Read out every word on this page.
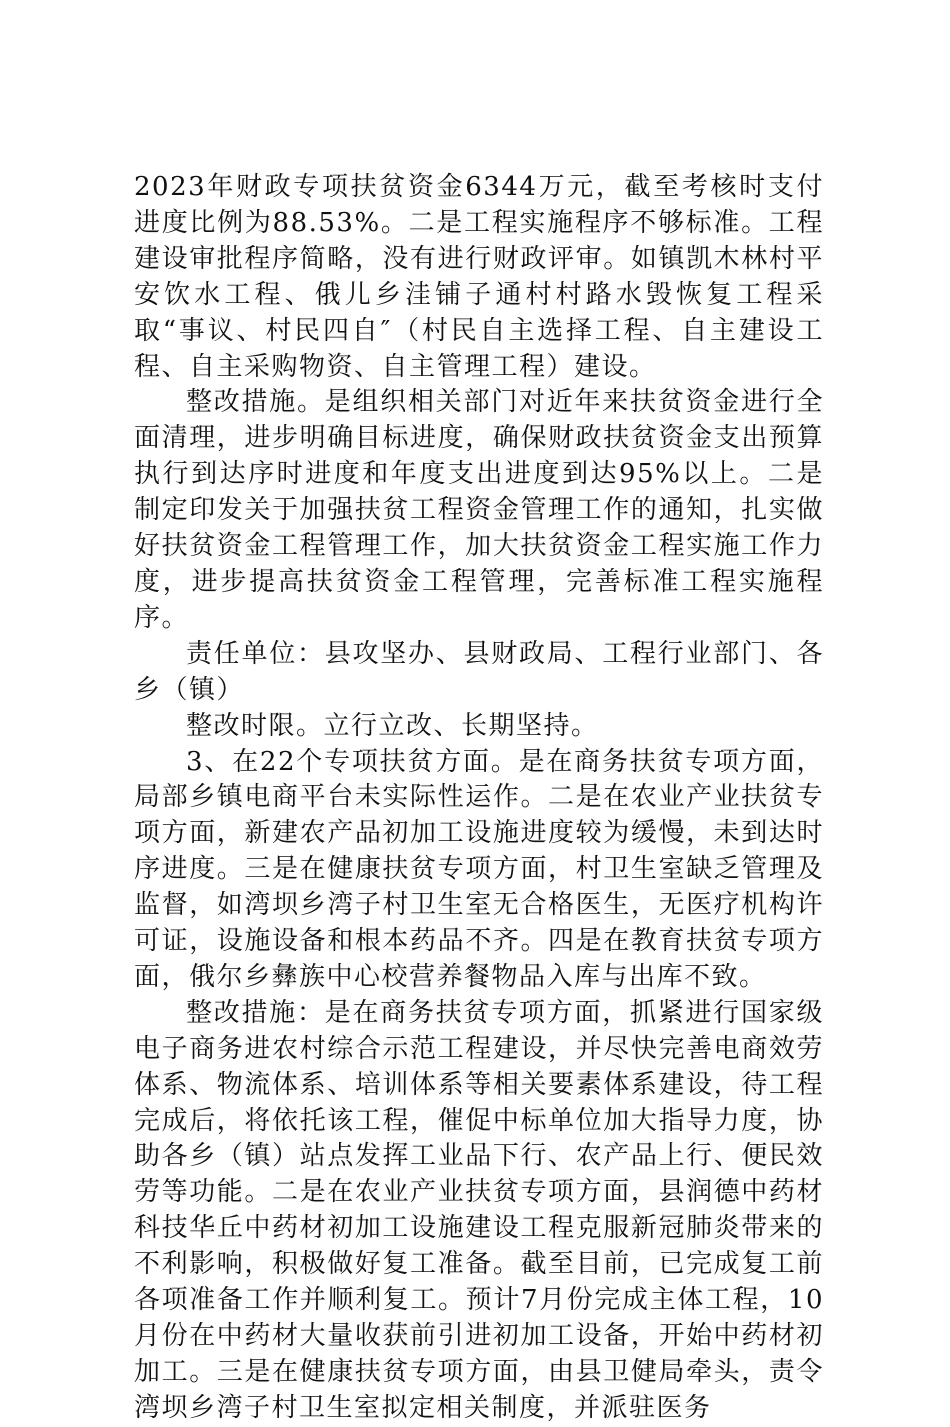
2023年财政专项扶贫资金6344万元，截至考核时支付进度比例为88.53%。二是工程实施程序不够标准。工程建设审批程序简略，没有进行财政评审。如镇凯木林村平安饮水工程、俄儿乡洼铺子通村村路水毁恢复工程采取“事议、村民四自″（村民自主选择工程、自主建设工程、自主采购物资、自主管理工程）建设。

整改措施。是组织相关部门对近年来扶贫资金进行全面清理，进步明确目标进度，确保财政扶贫资金支出预算执行到达序时进度和年度支出进度到达95%以上。二是制定印发关于加强扶贫工程资金管理工作的通知，扎实做好扶贫资金工程管理工作，加大扶贫资金工程实施工作力度，进步提高扶贫资金工程管理，完善标准工程实施程序。

责任单位：县攻坚办、县财政局、工程行业部门、各乡（镇）

整改时限。立行立改、长期坚持。

3、在22个专项扶贫方面。是在商务扶贫专项方面，局部乡镇电商平台未实际性运作。二是在农业产业扶贫专项方面，新建农产品初加工设施进度较为缓慢，未到达时序进度。三是在健康扶贫专项方面，村卫生室缺乏管理及监督，如湾坝乡湾子村卫生室无合格医生，无医疗机构许可证，设施设备和根本药品不齐。四是在教育扶贫专项方面，俄尔乡彝族中心校营养餐物品入库与出库不致。

整改措施：是在商务扶贫专项方面，抓紧进行国家级电子商务进农村综合示范工程建设，并尽快完善电商效劳体系、物流体系、培训体系等相关要素体系建设，待工程完成后，将依托该工程，催促中标单位加大指导力度，协助各乡（镇）站点发挥工业品下行、农产品上行、便民效劳等功能。二是在农业产业扶贫专项方面，县润德中药材科技华丘中药材初加工设施建设工程克服新冠肺炎带来的不利影响，积极做好复工准备。截至目前，已完成复工前各项准备工作并顺利复工。预计7月份完成主体工程，10月份在中药材大量收获前引进初加工设备，开始中药材初加工。三是在健康扶贫专项方面，由县卫健局牵头，责令湾坝乡湾子村卫生室拟定相关制度，并派驻医务
